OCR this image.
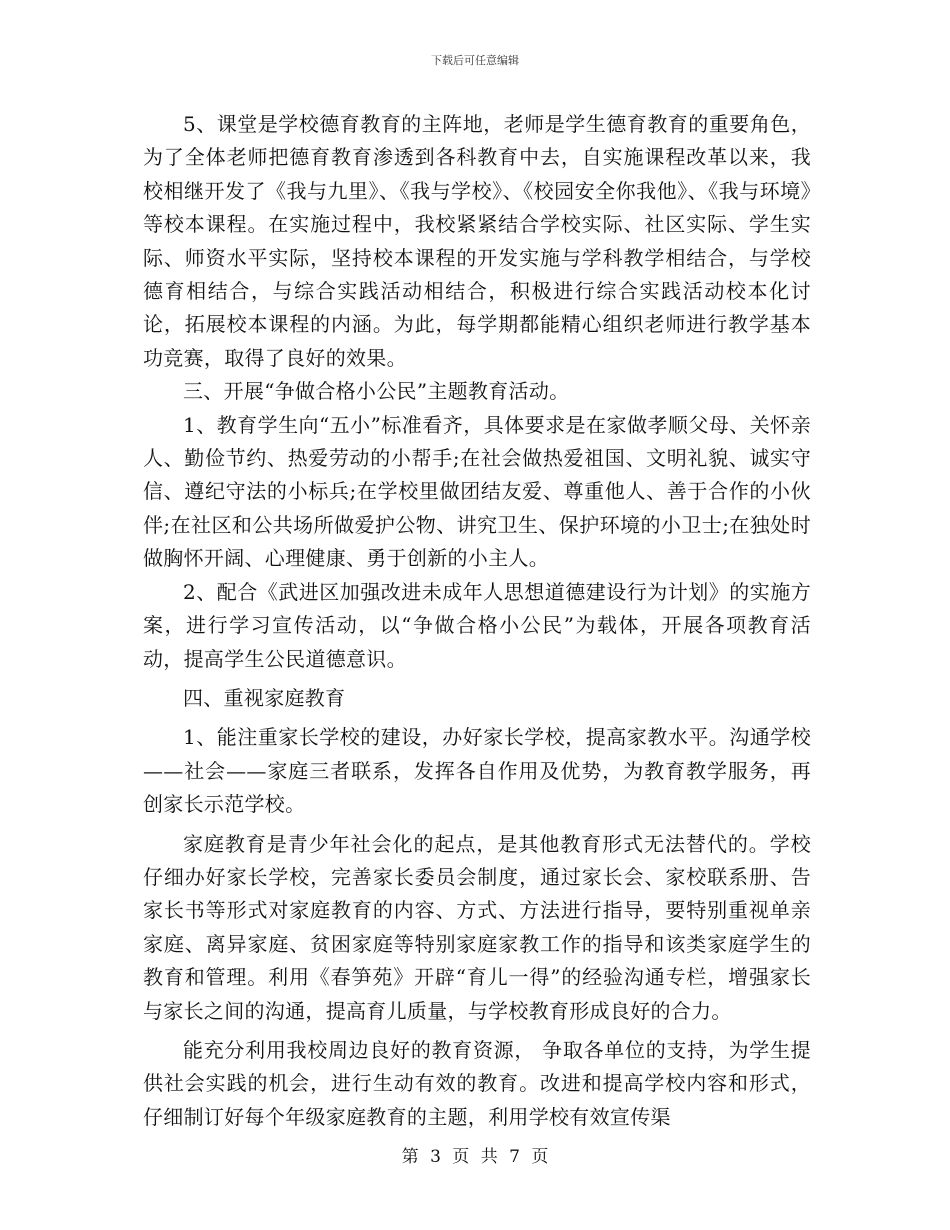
下载后可任意编辑

5、课堂是学校德育教育的主阵地，老师是学生德育教育的重要角色，为了全体老师把德育教育渗透到各科教育中去，自实施课程改革以来，我校相继开发了《我与九里》、《我与学校》、《校园安全你我他》、《我与环境》等校本课程。在实施过程中，我校紧紧结合学校实际、社区实际、学生实际、师资水平实际，坚持校本课程的开发实施与学科教学相结合，与学校德育相结合，与综合实践活动相结合，积极进行综合实践活动校本化讨论，拓展校本课程的内涵。为此，每学期都能精心组织老师进行教学基本功竞赛，取得了良好的效果。

三、开展“争做合格小公民”主题教育活动。

1、教育学生向“五小”标准看齐，具体要求是在家做孝顺父母、关怀亲人、勤俭节约、热爱劳动的小帮手;在社会做热爱祖国、文明礼貌、诚实守信、遵纪守法的小标兵;在学校里做团结友爱、尊重他人、善于合作的小伙伴;在社区和公共场所做爱护公物、讲究卫生、保护环境的小卫士;在独处时做胸怀开阔、心理健康、勇于创新的小主人。

2、配合《武进区加强改进未成年人思想道德建设行为计划》的实施方案，进行学习宣传活动，以“争做合格小公民”为载体，开展各项教育活动，提高学生公民道德意识。

四、重视家庭教育

1、能注重家长学校的建设，办好家长学校，提高家教水平。沟通学校——社会——家庭三者联系，发挥各自作用及优势，为教育教学服务，再创家长示范学校。

家庭教育是青少年社会化的起点，是其他教育形式无法替代的。学校仔细办好家长学校，完善家长委员会制度，通过家长会、家校联系册、告家长书等形式对家庭教育的内容、方式、方法进行指导，要特别重视单亲家庭、离异家庭、贫困家庭等特别家庭家教工作的指导和该类家庭学生的教育和管理。利用《春笋苑》开辟“育儿一得”的经验沟通专栏，增强家长与家长之间的沟通，提高育儿质量，与学校教育形成良好的合力。

能充分利用我校周边良好的教育资源， 争取各单位的支持，为学生提供社会实践的机会，进行生动有效的教育。改进和提高学校内容和形式，仔细制订好每个年级家庭教育的主题，利用学校有效宣传渠

第 3 页 共 7 页
